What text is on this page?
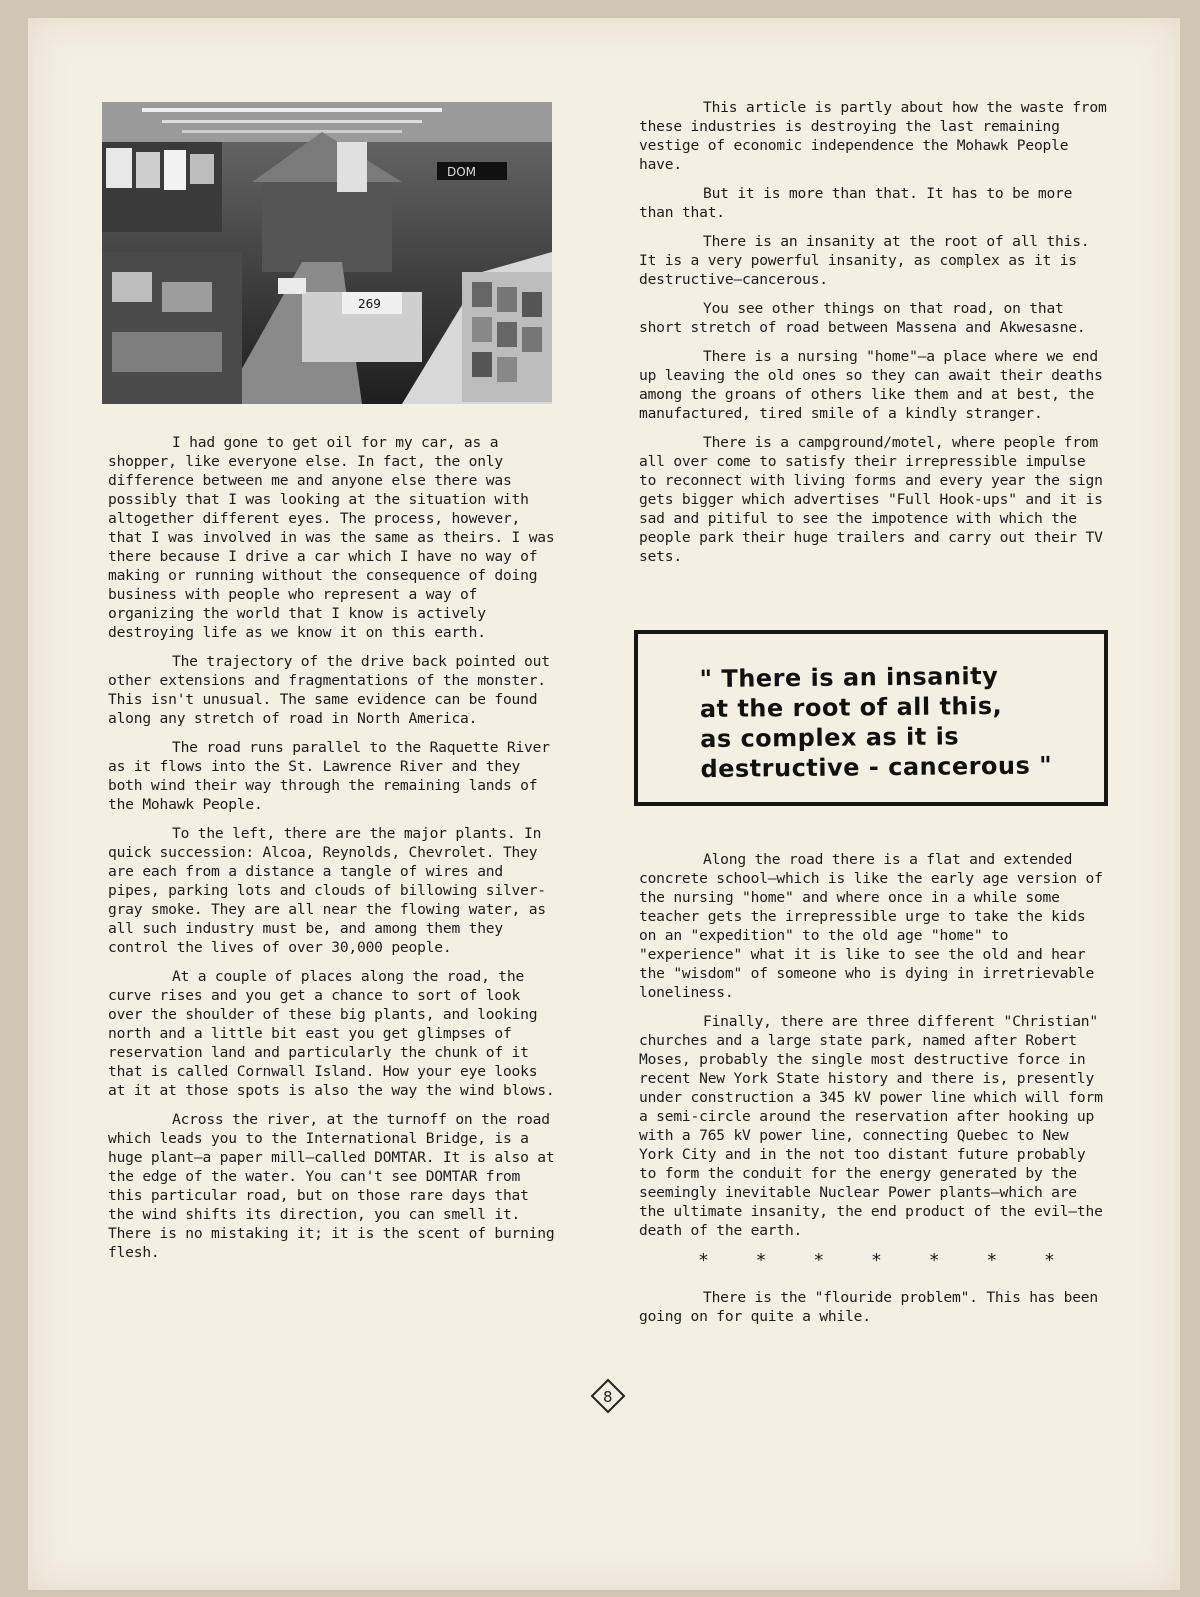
DOM
269

I had gone to get oil for my car, as a shopper, like everyone else. In fact, the only difference between me and anyone else there was possibly that I was looking at the situation with altogether different eyes. The process, however, that I was involved in was the same as theirs. I was there because I drive a car which I have no way of making or running without the consequence of doing business with people who represent a way of organizing the world that I know is actively destroying life as we know it on this earth.

The trajectory of the drive back pointed out other extensions and fragmentations of the monster. This isn't unusual. The same evidence can be found along any stretch of road in North America.

The road runs parallel to the Raquette River as it flows into the St. Lawrence River and they both wind their way through the remaining lands of the Mohawk People.

To the left, there are the major plants. In quick succession: Alcoa, Reynolds, Chevrolet. They are each from a distance a tangle of wires and pipes, parking lots and clouds of billowing silver-gray smoke. They are all near the flowing water, as all such industry must be, and among them they control the lives of over 30,000 people.

At a couple of places along the road, the curve rises and you get a chance to sort of look over the shoulder of these big plants, and looking north and a little bit east you get glimpses of reservation land and particularly the chunk of it that is called Cornwall Island. How your eye looks at it at those spots is also the way the wind blows.

Across the river, at the turnoff on the road which leads you to the International Bridge, is a huge plant—a paper mill—called DOMTAR. It is also at the edge of the water. You can't see DOMTAR from this particular road, but on those rare days that the wind shifts its direction, you can smell it. There is no mistaking it; it is the scent of burning flesh.

This article is partly about how the waste from these industries is destroying the last remaining vestige of economic independence the Mohawk People have.

But it is more than that. It has to be more than that.

There is an insanity at the root of all this. It is a very powerful insanity, as complex as it is destructive—cancerous.

You see other things on that road, on that short stretch of road between Massena and Akwesasne.

There is a nursing "home"—a place where we end up leaving the old ones so they can await their deaths among the groans of others like them and at best, the manufactured, tired smile of a kindly stranger.

There is a campground/motel, where people from all over come to satisfy their irrepressible impulse to reconnect with living forms and every year the sign gets bigger which advertises "Full Hook-ups" and it is sad and pitiful to see the impotence with which the people park their huge trailers and carry out their TV sets.

" There is an insanity
at the root of all this,
as complex as it is
destructive - cancerous "

Along the road there is a flat and extended concrete school—which is like the early age version of the nursing "home" and where once in a while some teacher gets the irrepressible urge to take the kids on an "expedition" to the old age "home" to "experience" what it is like to see the old and hear the "wisdom" of someone who is dying in irretrievable loneliness.

Finally, there are three different "Christian" churches and a large state park, named after Robert Moses, probably the single most destructive force in recent New York State history and there is, presently under construction a 345 kV power line which will form a semi-circle around the reservation after hooking up with a 765 kV power line, connecting Quebec to New York City and in the not too distant future probably to form the conduit for the energy generated by the seemingly inevitable Nuclear Power plants—which are the ultimate insanity, the end product of the evil—the death of the earth.

* * * * * * *

There is the "flouride problem". This has been going on for quite a while.

8
